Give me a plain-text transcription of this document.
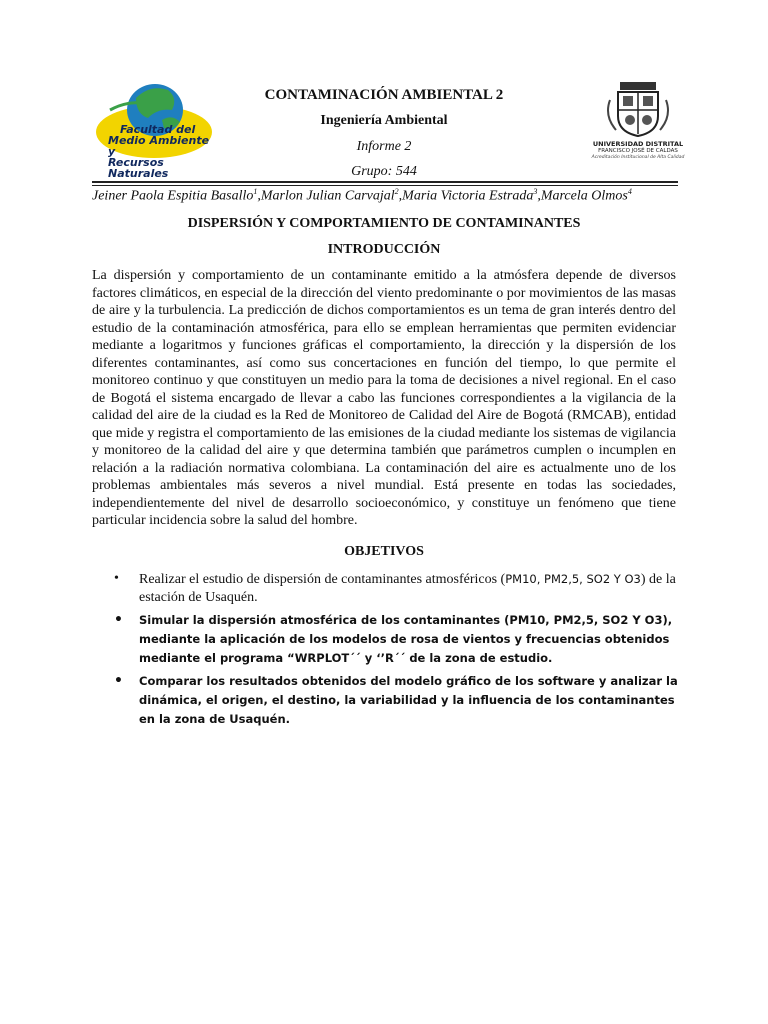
Facultad del
Medio Ambiente y
Recursos Naturales
UNIVERSIDAD DISTRITAL
FRANCISCO JOSÉ DE CALDAS
Acreditación Institucional de Alta Calidad
CONTAMINACIÓN AMBIENTAL 2
Ingeniería Ambiental
Informe 2
Grupo: 544
Jeiner Paola Espitia Basallo$^1$,Marlon Julian Carvajal$^2$,Maria Victoria Estrada$^3$,Marcela Olmos$^4$
DISPERSIÓN Y COMPORTAMIENTO DE CONTAMINANTES
INTRODUCCIÓN

La dispersión y comportamiento de un contaminante emitido a la atmósfera depende de diversos factores climáticos, en especial de la dirección del viento predominante o por movimientos de las masas de aire y la turbulencia. La predicción de dichos comportamientos es un tema de gran interés dentro del estudio de la contaminación atmosférica, para ello se emplean herramientas que permiten evidenciar mediante a logaritmos y funciones gráficas el comportamiento, la dirección y la dispersión de los diferentes contaminantes, así como sus concertaciones en función del tiempo, lo que permite el monitoreo continuo y que constituyen un medio para la toma de decisiones a nivel regional. En el caso de Bogotá el sistema encargado de llevar a cabo las funciones correspondientes a la vigilancia de la calidad del aire de la ciudad es la Red de Monitoreo de Calidad del Aire de Bogotá (RMCAB), entidad que mide y registra el comportamiento de las emisiones de la ciudad mediante los sistemas de vigilancia y monitoreo de la calidad del aire y que determina también que parámetros cumplen o incumplen en relación a la radiación normativa colombiana. La contaminación del aire es actualmente uno de los problemas ambientales más severos a nivel mundial. Está presente en todas las sociedades, independientemente del nivel de desarrollo socioeconómico, y constituye un fenómeno que tiene particular incidencia sobre la salud del hombre.

OBJETIVOS
• Realizar el estudio de dispersión de contaminantes atmosféricos (PM10, PM2,5, SO2 Y O3) de la estación de Usaquén.
• Simular la dispersión atmosférica de los contaminantes (PM10, PM2,5, SO2 Y O3), mediante la aplicación de los modelos de rosa de vientos y frecuencias obtenidos mediante el programa “WRPLOT´´ y ‘’R´´ de la zona de estudio.
• Comparar los resultados obtenidos del modelo gráfico de los software y analizar la dinámica, el origen, el destino, la variabilidad y la influencia de los contaminantes en la zona de Usaquén.
